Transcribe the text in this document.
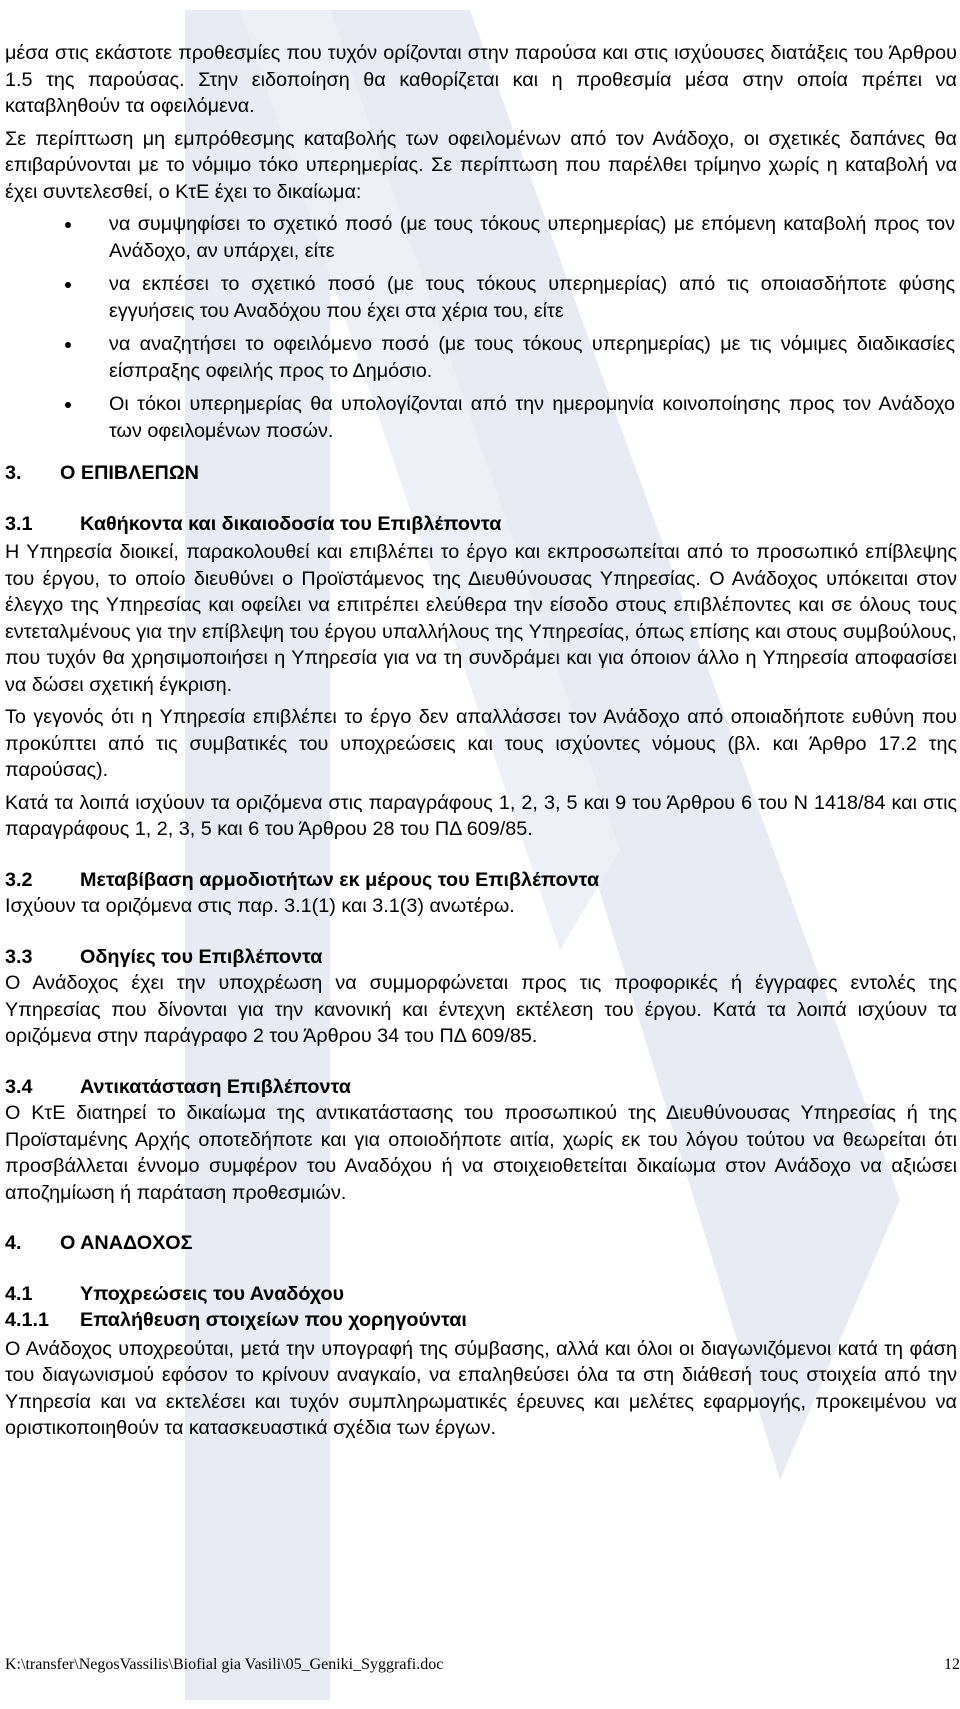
μέσα στις εκάστοτε προθεσμίες που τυχόν ορίζονται στην παρούσα και στις ισχύουσες διατάξεις του Άρθρου 1.5 της παρούσας. Στην ειδοποίηση θα καθορίζεται και η προθεσμία μέσα στην οποία πρέπει να καταβληθούν τα οφειλόμενα.

Σε περίπτωση μη εμπρόθεσμης καταβολής των οφειλομένων από τον Ανάδοχο, οι σχετικές δαπάνες θα επιβαρύνονται με το νόμιμο τόκο υπερημερίας. Σε περίπτωση που παρέλθει τρίμηνο χωρίς η καταβολή να έχει συντελεσθεί, ο ΚτΕ έχει το δικαίωμα:

να συμψηφίσει το σχετικό ποσό (με τους τόκους υπερημερίας) με επόμενη καταβολή προς τον Ανάδοχο, αν υπάρχει, είτε
να εκπέσει το σχετικό ποσό (με τους τόκους υπερημερίας) από τις οποιασδήποτε φύσης εγγυήσεις του Αναδόχου που έχει στα χέρια του, είτε
να αναζητήσει το οφειλόμενο ποσό (με τους τόκους υπερημερίας) με τις νόμιμες διαδικασίες είσπραξης οφειλής προς το Δημόσιο.
Οι τόκοι υπερημερίας θα υπολογίζονται από την ημερομηνία κοινοποίησης προς τον Ανάδοχο των οφειλομένων ποσών.
3.	Ο ΕΠΙΒΛΕΠΩΝ
3.1	Καθήκοντα και δικαιοδοσία του Επιβλέποντα

Η Υπηρεσία διοικεί, παρακολουθεί και επιβλέπει το έργο και εκπροσωπείται από το προσωπικό επίβλεψης του έργου, το οποίο διευθύνει ο Προϊστάμενος της Διευθύνουσας Υπηρεσίας. Ο Ανάδοχος υπόκειται στον έλεγχο της Υπηρεσίας και οφείλει να επιτρέπει ελεύθερα την είσοδο στους επιβλέποντες και σε όλους τους εντεταλμένους για την επίβλεψη του έργου υπαλλήλους της Υπηρεσίας, όπως επίσης και στους συμβούλους, που τυχόν θα χρησιμοποιήσει η Υπηρεσία για να τη συνδράμει και για όποιον άλλο η Υπηρεσία αποφασίσει να δώσει σχετική έγκριση.

Το γεγονός ότι η Υπηρεσία επιβλέπει το έργο δεν απαλλάσσει τον Ανάδοχο από οποιαδήποτε ευθύνη που προκύπτει από τις συμβατικές του υποχρεώσεις και τους ισχύοντες νόμους (βλ. και Άρθρο 17.2 της παρούσας).

Κατά τα λοιπά ισχύουν τα οριζόμενα στις παραγράφους 1, 2, 3, 5 και 9 του Άρθρου 6 του Ν 1418/84 και στις παραγράφους 1, 2, 3, 5 και 6 του Άρθρου 28 του ΠΔ 609/85.

3.2	Μεταβίβαση αρμοδιοτήτων εκ μέρους του Επιβλέποντα

Ισχύουν τα οριζόμενα στις παρ. 3.1(1) και 3.1(3) ανωτέρω.

3.3	Οδηγίες του Επιβλέποντα

Ο Ανάδοχος έχει την υποχρέωση να συμμορφώνεται προς τις προφορικές ή έγγραφες εντολές της Υπηρεσίας που δίνονται για την κανονική και έντεχνη εκτέλεση του έργου. Κατά τα λοιπά ισχύουν τα οριζόμενα στην παράγραφο 2 του Άρθρου 34 του ΠΔ 609/85.

3.4	Αντικατάσταση Επιβλέποντα

Ο ΚτΕ διατηρεί το δικαίωμα της αντικατάστασης του προσωπικού της Διευθύνουσας Υπηρεσίας ή της Προϊσταμένης Αρχής οποτεδήποτε και για οποιοδήποτε αιτία, χωρίς εκ του λόγου τούτου να θεωρείται ότι προσβάλλεται έννομο συμφέρον του Αναδόχου ή να στοιχειοθετείται δικαίωμα στον Ανάδοχο να αξιώσει αποζημίωση ή παράταση προθεσμιών.

4.	Ο ΑΝΑΔΟΧΟΣ
4.1	Υποχρεώσεις του Αναδόχου
4.1.1	Επαλήθευση στοιχείων που χορηγούνται

Ο Ανάδοχος υποχρεούται, μετά την υπογραφή της σύμβασης, αλλά και όλοι οι διαγωνιζόμενοι κατά τη φάση του διαγωνισμού εφόσον το κρίνουν αναγκαίο, να επαληθεύσει όλα τα στη διάθεσή τους στοιχεία από την Υπηρεσία και να εκτελέσει και τυχόν συμπληρωματικές έρευνες και μελέτες εφαρμογής, προκειμένου να οριστικοποιηθούν τα κατασκευαστικά σχέδια των έργων.

K:\transfer\NegosVassilis\Biofial gia Vasili\05_Geniki_Syggrafi.doc	12
